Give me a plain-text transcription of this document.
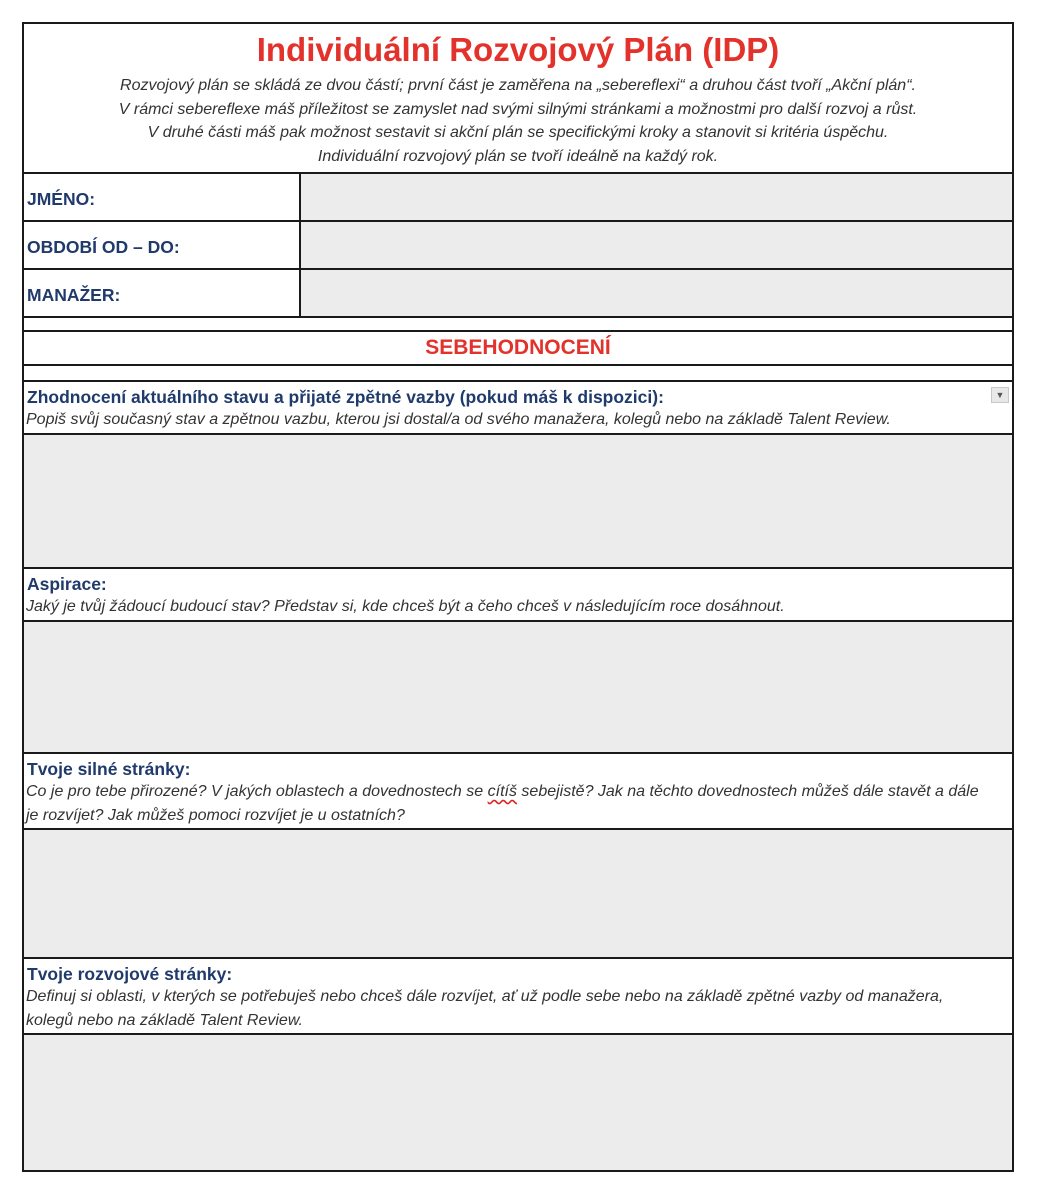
Individuální Rozvojový Plán (IDP)
Rozvojový plán se skládá ze dvou částí; první část je zaměřena na „sebereflexi“ a druhou část tvoří „Akční plán“.
V rámci sebereflexe máš příležitost se zamyslet nad svými silnými stránkami a možnostmi pro další rozvoj a růst.
V druhé části máš pak možnost sestavit si akční plán se specifickými kroky a stanovit si kritéria úspěchu.
Individuální rozvojový plán se tvoří ideálně na každý rok.
JMÉNO:
OBDOBÍ OD – DO:
MANAŽER:
SEBEHODNOCENÍ
Zhodnocení aktuálního stavu a přijaté zpětné vazby (pokud máš k dispozici):
Popiš svůj současný stav a zpětnou vazbu, kterou jsi dostal/a od svého manažera, kolegů nebo na základě Talent Review.
▼
Aspirace:
Jaký je tvůj žádoucí budoucí stav? Představ si, kde chceš být a čeho chceš v následujícím roce dosáhnout.
Tvoje silné stránky:
Co je pro tebe přirozené? V jakých oblastech a dovednostech se cítíš sebejistě? Jak na těchto dovednostech můžeš dále stavět a dále je rozvíjet? Jak můžeš pomoci rozvíjet je u ostatních?
Tvoje rozvojové stránky:
Definuj si oblasti, v kterých se potřebuješ nebo chceš dále rozvíjet, ať už podle sebe nebo na základě zpětné vazby od manažera, kolegů nebo na základě Talent Review.
